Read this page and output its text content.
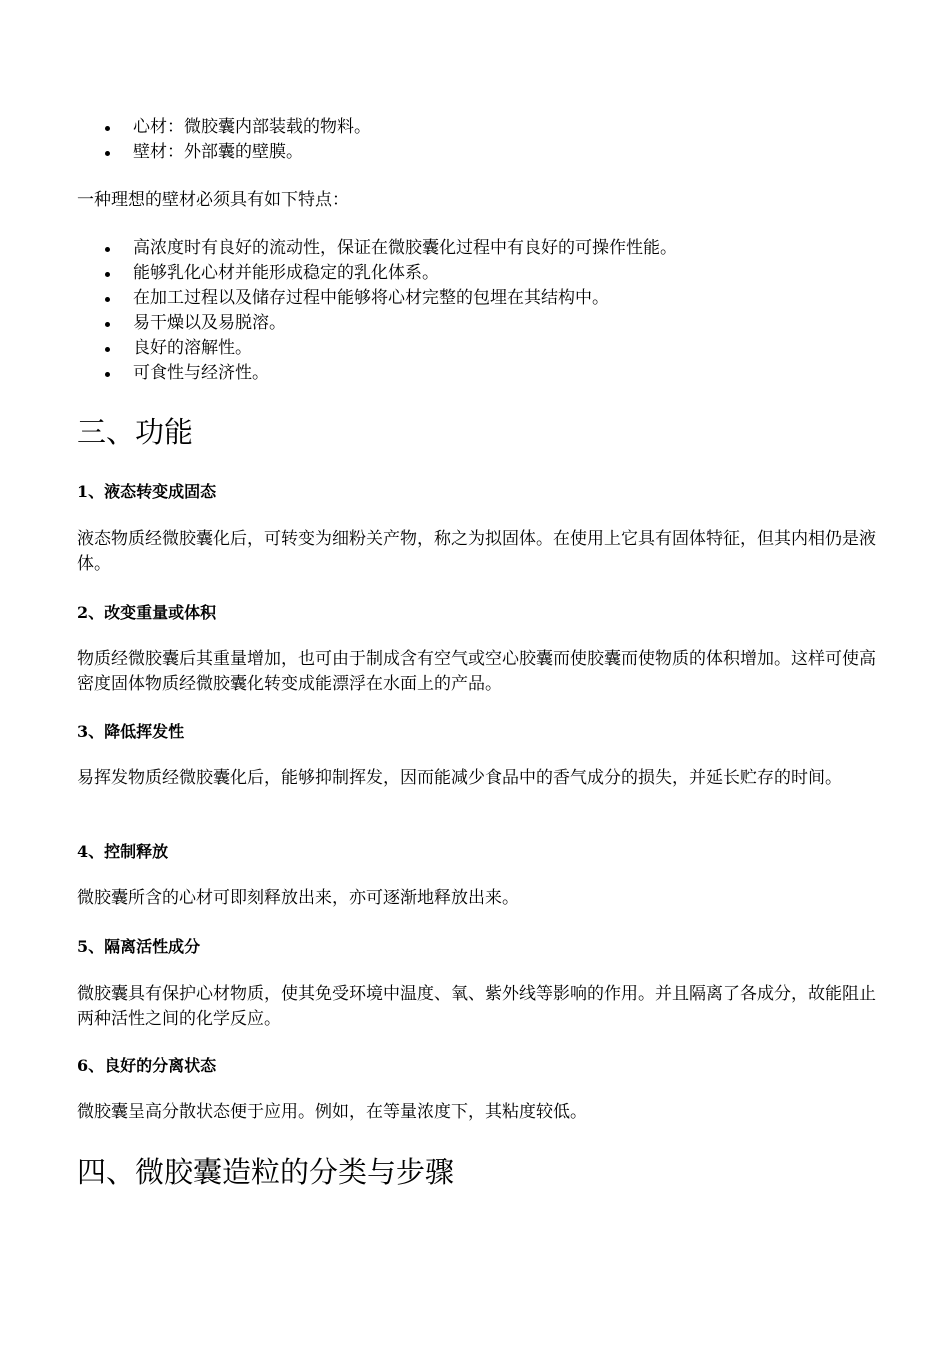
心材：微胶囊内部装载的物料。
壁材：外部囊的壁膜。

一种理想的壁材必须具有如下特点：

高浓度时有良好的流动性，保证在微胶囊化过程中有良好的可操作性能。
能够乳化心材并能形成稳定的乳化体系。
在加工过程以及储存过程中能够将心材完整的包埋在其结构中。
易干燥以及易脱溶。
良好的溶解性。
可食性与经济性。
三、功能
1、液态转变成固态

液态物质经微胶囊化后，可转变为细粉关产物，称之为拟固体。在使用上它具有固体特征，但其内相仍是液体。

2、改变重量或体积

物质经微胶囊后其重量增加，也可由于制成含有空气或空心胶囊而使胶囊而使物质的体积增加。这样可使高密度固体物质经微胶囊化转变成能漂浮在水面上的产品。

3、降低挥发性

易挥发物质经微胶囊化后，能够抑制挥发，因而能减少食品中的香气成分的损失，并延长贮存的时间。

4、控制释放

微胶囊所含的心材可即刻释放出来，亦可逐渐地释放出来。

5、隔离活性成分

微胶囊具有保护心材物质，使其免受环境中温度、氧、紫外线等影响的作用。并且隔离了各成分，故能阻止两种活性之间的化学反应。

6、良好的分离状态

微胶囊呈高分散状态便于应用。例如，在等量浓度下，其粘度较低。

四、微胶囊造粒的分类与步骤
